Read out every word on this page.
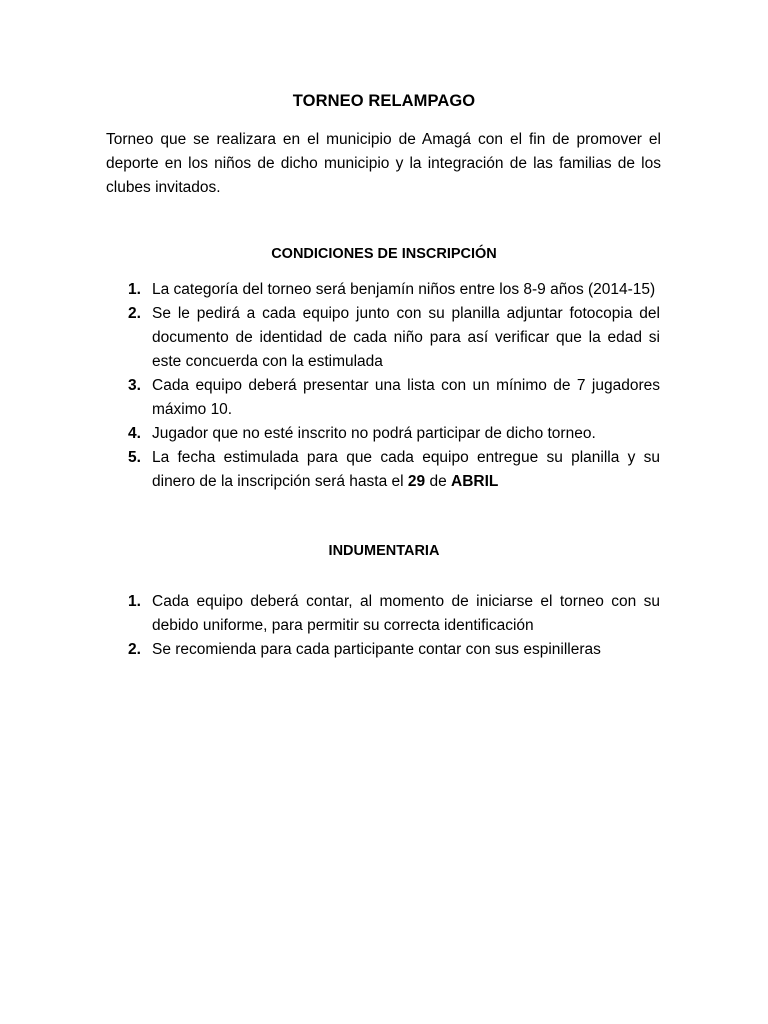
TORNEO RELAMPAGO
Torneo que se realizara en el municipio de Amagá con el fin de promover el deporte en los niños de dicho municipio y la integración de las familias de los clubes invitados.
CONDICIONES DE INSCRIPCIÓN
1. La categoría del torneo será benjamín niños entre los 8-9 años (2014-15)
2. Se le pedirá a cada equipo junto con su planilla adjuntar fotocopia del documento de identidad de cada niño para así verificar que la edad si este concuerda con la estimulada
3. Cada equipo deberá presentar una lista con un mínimo de 7 jugadores máximo 10.
4. Jugador que no esté inscrito no podrá participar de dicho torneo.
5. La fecha estimulada para que cada equipo entregue su planilla y su dinero de la inscripción será hasta el 29 de ABRIL
INDUMENTARIA
1. Cada equipo deberá contar, al momento de iniciarse el torneo con su debido uniforme, para permitir su correcta identificación
2. Se recomienda para cada participante contar con sus espinilleras
